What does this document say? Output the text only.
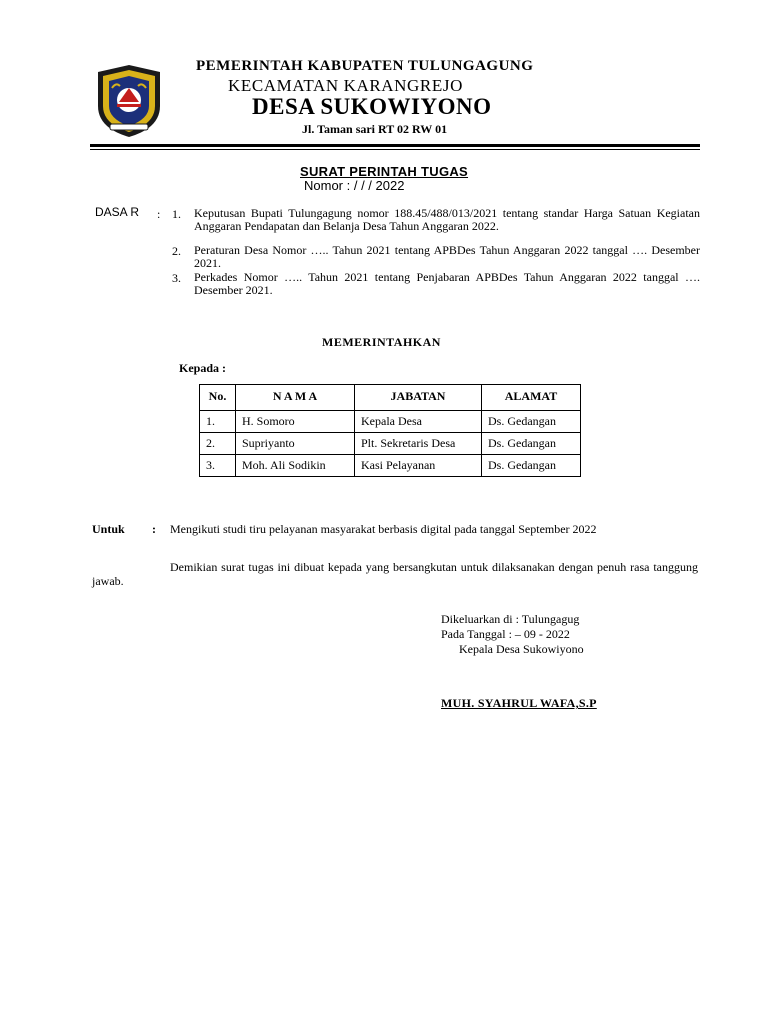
PEMERINTAH KABUPATEN TULUNGAGUNG
KECAMATAN KARANGREJO
DESA SUKOWIYONO
Jl. Taman sari RT 02 RW 01
SURAT PERINTAH TUGAS
Nomor : / / / 2022
DASA R : 1. Keputusan Bupati Tulungagung nomor 188.45/488/013/2021 tentang standar Harga Satuan Kegiatan Anggaran Pendapatan dan Belanja Desa Tahun Anggaran 2022.
2. Peraturan Desa Nomor ….. Tahun 2021 tentang APBDes Tahun Anggaran 2022 tanggal …. Desember 2021.
3. Perkades Nomor ….. Tahun 2021 tentang Penjabaran APBDes Tahun Anggaran 2022 tanggal …. Desember 2021.
MEMERINTAHKAN
Kepada :
No.	N A M A	JABATAN	ALAMAT
1.	H. Somoro	Kepala Desa	Ds. Gedangan
2.	Supriyanto	Plt. Sekretaris Desa	Ds. Gedangan
3.	Moh. Ali Sodikin	Kasi Pelayanan	Ds. Gedangan
Untuk : Mengikuti studi tiru pelayanan masyarakat berbasis digital pada tanggal September 2022
Demikian surat tugas ini dibuat kepada yang bersangkutan untuk dilaksanakan dengan penuh rasa tanggung jawab.
Dikeluarkan di : Tulungagug
Pada Tanggal : – 09 - 2022
Kepala Desa Sukowiyono
MUH. SYAHRUL WAFA,S.P
